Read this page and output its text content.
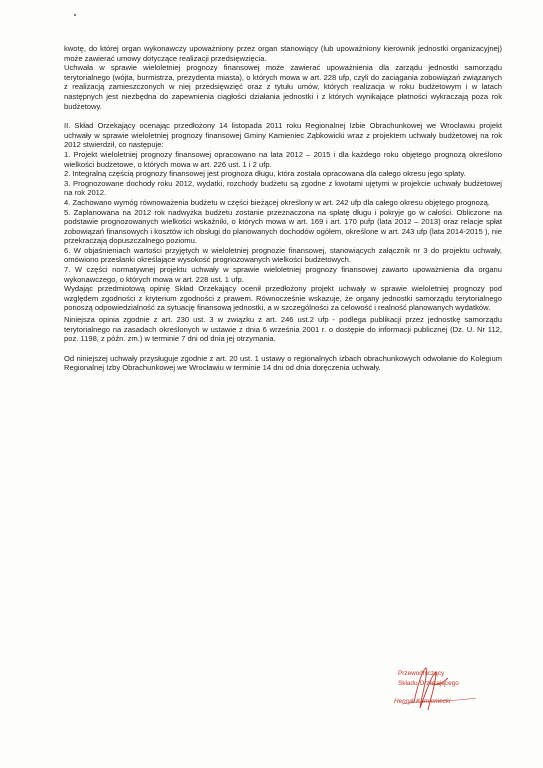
kwotę, do której organ wykonawczy upoważniony przez organ stanowiący (lub upoważniony kierownik jednostki organizacyjnej) może zawierać umowy dotyczące realizacji przedsięwzięcia.

Uchwała w sprawie wieloletniej prognozy finansowej może zawierać upoważnienia dla zarządu jednostki samorządu terytorialnego (wójta, burmistrza, prezydenta miasta), o których mowa w art. 228 ufp, czyli do zaciągania zobowiązań związanych z realizacją zamieszczonych w niej przedsięwzięć oraz z tytułu umów, których realizacja w roku budżetowym i w latach następnych jest niezbędna do zapewnienia ciągłości działania jednostki i z których wynikające płatności wykraczają poza rok budżetowy.

II. Skład Orzekający ocenając przedłożony 14 listopada 2011 roku Regionalnej Izbie Obrachunkowej we Wrocławiu projekt uchwały w sprawie wieloletniej prognozy finansowej Gminy Kamieniec Ząbkowicki wraz z projektem uchwały budżetowej na rok 2012 stwierdził, co następuje:

1. Projekt wieloletniej prognozy finansowej opracowano na lata 2012 – 2015 i dla każdego roku objętego prognozą określono wielkości budżetowe, o których mowa w art. 226 ust. 1 i 2 ufp.

2. Integralną częścią prognozy finansowej jest prognoza długu, która została opracowana dla całego okresu jego spłaty.

3. Prognozowane dochody roku 2012, wydatki, rozchody budżetu są zgodne z kwotami ujętymi w projekcie uchwały budżetowej na rok 2012.

4. Zachowano wymóg równoważenia budżetu w części bieżącej określony w art. 242 ufp dla całego okresu objętego prognozą.

5. Zaplanowana na 2012 rok nadwyżka budżetu zostanie przeznaczona na spłatę długu i pokryje go w całości. Obliczone na podstawie prognozowanych wielkości wskaźniki, o których mowa w art. 169 i art. 170 pufp (lata 2012 – 2013) oraz relacje spłat zobowiązań finansowych i kosztów ich obsługi do planowanych dochodów ogółem, określone w art. 243 ufp (lata 2014-2015 ), nie przekraczają dopuszczalnego poziomu.

6. W objaśnieniach wartości przyjętych w wieloletniej prognozie finansowej, stanowiących załącznik nr 3 do projektu uchwały, omówiono przesłanki określające wysokość prognozowanych wielkości budżetowych.

7. W części normatywnej projektu uchwały w sprawie wieloletniej prognozy finansowej zawarto upoważnienia dla organu wykonawczego, o których mowa w art. 228 ust. 1 ufp.

Wydając przedmiotową opinię Skład Orzekający ocenił przedłożony projekt uchwały w sprawie wieloletniej prognozy pod względem zgodności z kryterium zgodności z prawem. Równocześnie wskazuje, że organy jednostki samorządu terytorialnego ponoszą odpowiedzialność za sytuację finansową jednostki, a w szczególności za celowość i realność planowanych wydatków.

Niniejsza opinia zgodnie z art. 230 ust. 3 w związku z art. 246 ust.2 ufp - podlega publikacji przez jednostkę samorządu terytorialnego na zasadach określonych w ustawie z dnia 6 września 2001 r. o dostępie do informacji publicznej (Dz. U. Nr 112, poz. 1198, z późn. zm.) w terminie 7 dni od dnia jej otrzymania.

Od niniejszej uchwały przysługuje zgodnie z art. 20 ust. 1 ustawy o regionalnych izbach obrachunkowych odwołanie do Kolegium Regionalnej Izby Obrachunkowej we Wrocławiu w terminie 14 dni od dnia doręczenia uchwały.

Przewodniczący
Składu Orzekającego
Henryk Kamieniecki
